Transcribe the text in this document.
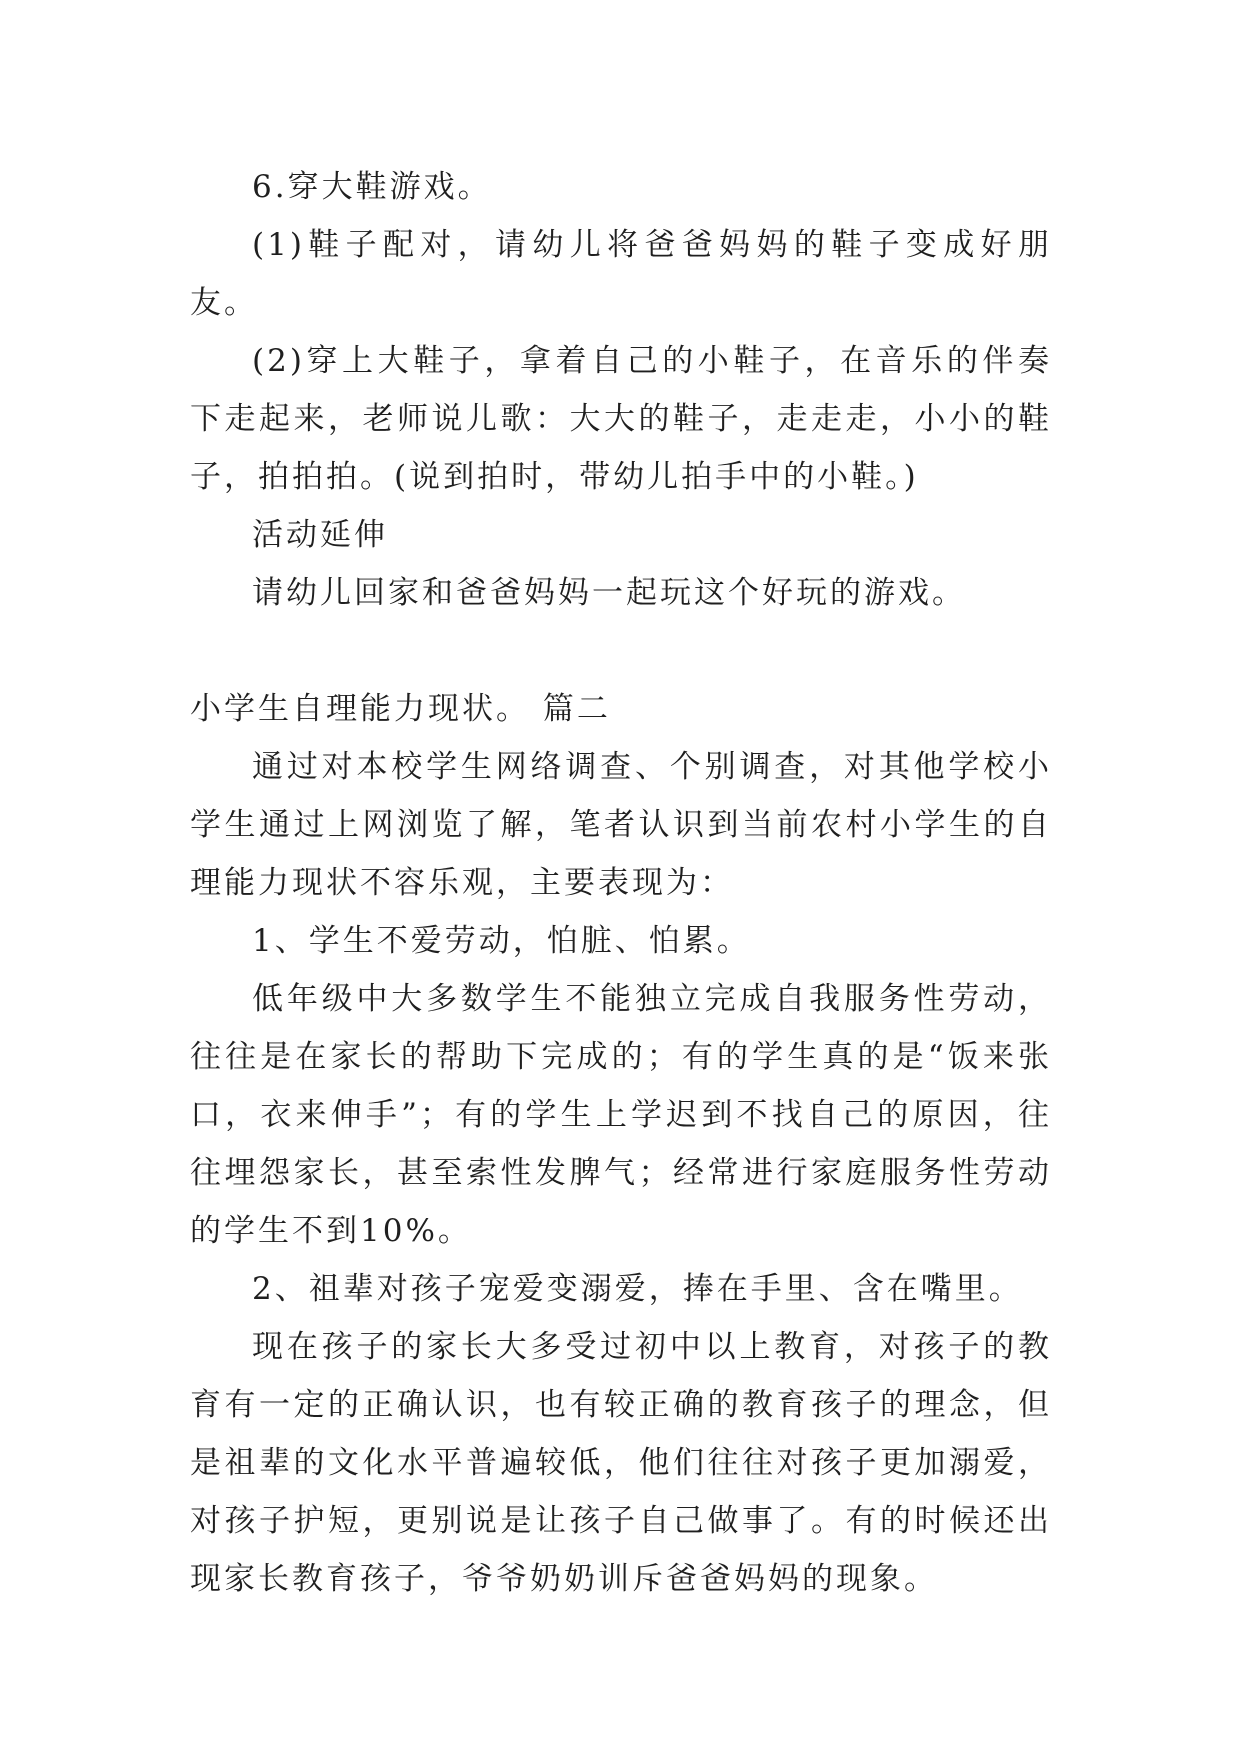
6.穿大鞋游戏。

(1)鞋子配对，请幼儿将爸爸妈妈的鞋子变成好朋友。

(2)穿上大鞋子，拿着自己的小鞋子，在音乐的伴奏下走起来，老师说儿歌：大大的鞋子，走走走，小小的鞋子，拍拍拍。(说到拍时，带幼儿拍手中的小鞋。)

活动延伸

请幼儿回家和爸爸妈妈一起玩这个好玩的游戏。

小学生自理能力现状。 篇二

通过对本校学生网络调查、个别调查，对其他学校小学生通过上网浏览了解，笔者认识到当前农村小学生的自理能力现状不容乐观，主要表现为：

1、学生不爱劳动，怕脏、怕累。

低年级中大多数学生不能独立完成自我服务性劳动，往往是在家长的帮助下完成的；有的学生真的是“饭来张口，衣来伸手”；有的学生上学迟到不找自己的原因，往往埋怨家长，甚至索性发脾气；经常进行家庭服务性劳动的学生不到10%。

2、祖辈对孩子宠爱变溺爱，捧在手里、含在嘴里。

现在孩子的家长大多受过初中以上教育，对孩子的教育有一定的正确认识，也有较正确的教育孩子的理念，但是祖辈的文化水平普遍较低，他们往往对孩子更加溺爱，对孩子护短，更别说是让孩子自己做事了。有的时候还出现家长教育孩子，爷爷奶奶训斥爸爸妈妈的现象。
